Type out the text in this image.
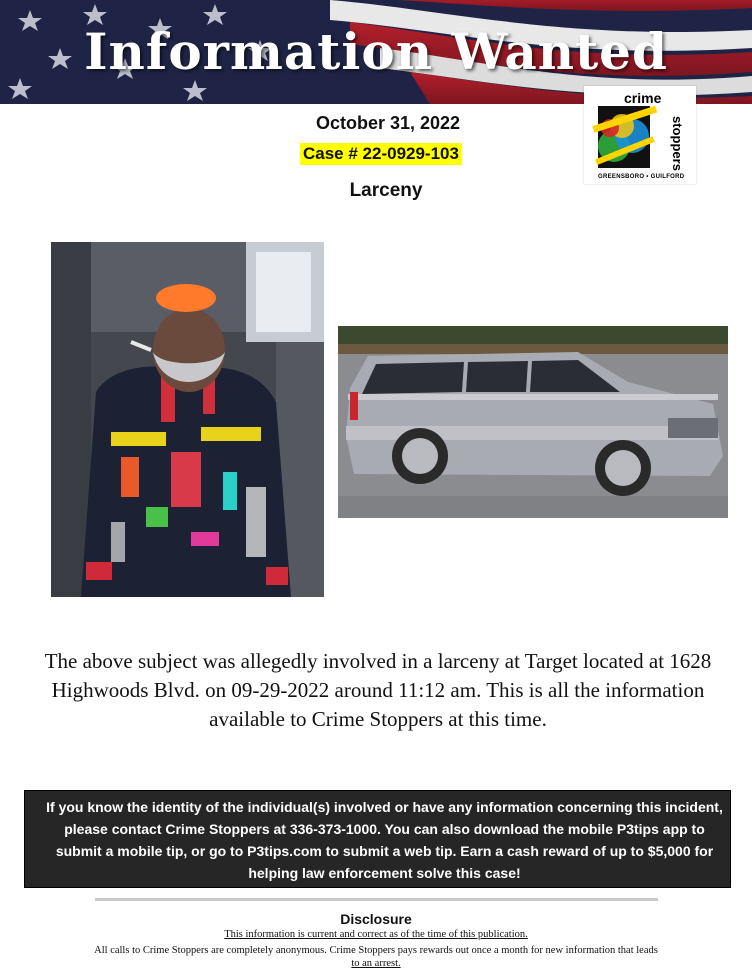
Information Wanted
October 31, 2022
Case # 22-0929-103
Larceny
crime
stoppers
GREENSBORO • GUILFORD
The above subject was allegedly involved in a larceny at Target located at 1628 Highwoods Blvd. on 09-29-2022 around 11:12 am. This is all the information available to Crime Stoppers at this time.
If you know the identity of the individual(s) involved or have any information concerning this incident, please contact Crime Stoppers at 336-373-1000. You can also download the mobile P3tips app to submit a mobile tip, or go to P3tips.com to submit a web tip. Earn a cash reward of up to $5,000 for helping law enforcement solve this case!
Disclosure
This information is current and correct as of the time of this publication.
All calls to Crime Stoppers are completely anonymous. Crime Stoppers pays rewards out once a month for new information that leads
to an arrest.
